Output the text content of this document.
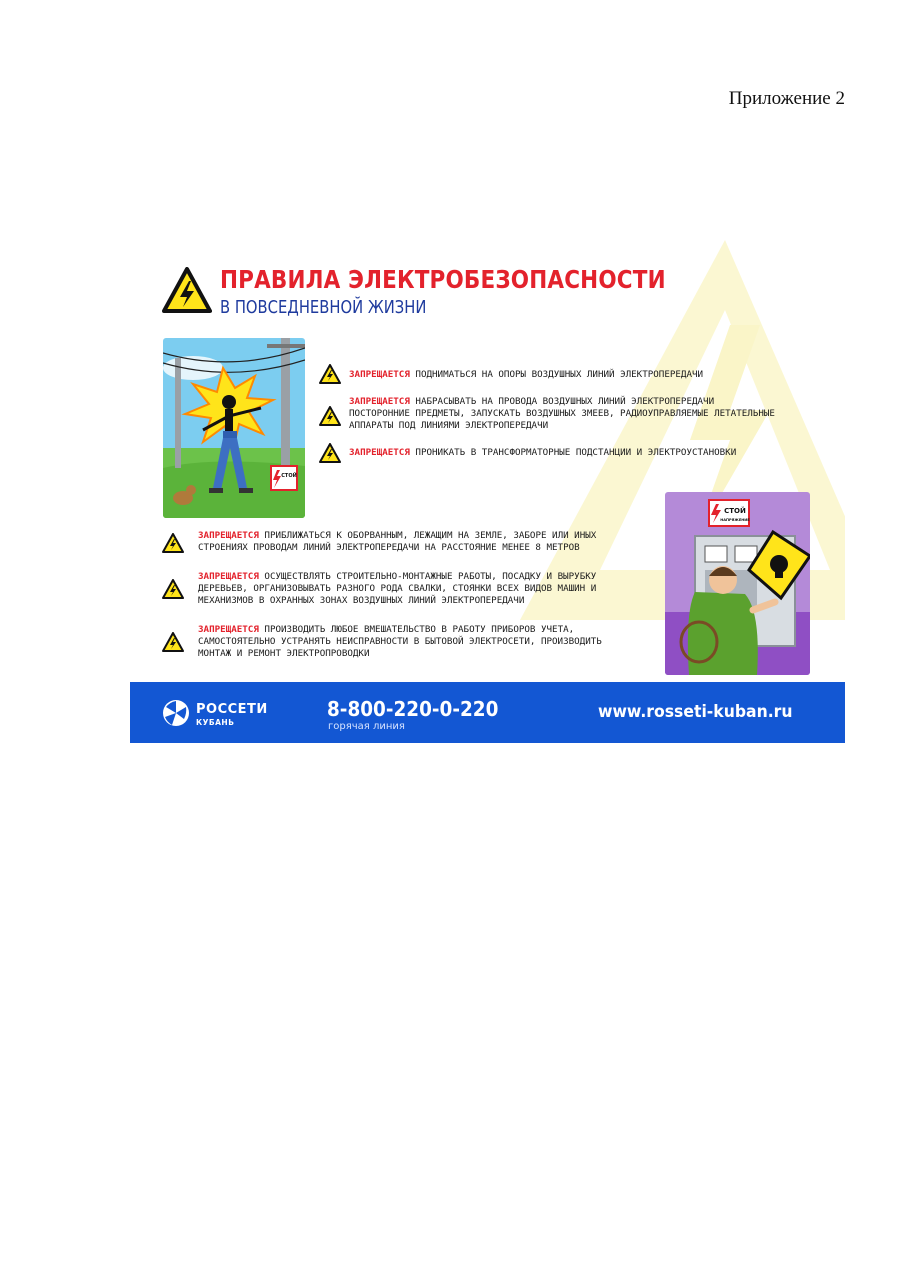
Приложение 2
ПРАВИЛА ЭЛЕКТРОБЕЗОПАСНОСТИ
В ПОВСЕДНЕВНОЙ ЖИЗНИ
СТОЙ
ЗАПРЕЩАЕТСЯ ПОДНИМАТЬСЯ НА ОПОРЫ ВОЗДУШНЫХ ЛИНИЙ ЭЛЕКТРОПЕРЕДАЧИ
ЗАПРЕЩАЕТСЯ НАБРАСЫВАТЬ НА ПРОВОДА ВОЗДУШНЫХ ЛИНИЙ ЭЛЕКТРОПЕРЕДАЧИ
ПОСТОРОННИЕ ПРЕДМЕТЫ, ЗАПУСКАТЬ ВОЗДУШНЫХ ЗМЕЕВ, РАДИОУПРАВЛЯЕМЫЕ ЛЕТАТЕЛЬНЫЕ
АППАРАТЫ ПОД ЛИНИЯМИ ЭЛЕКТРОПЕРЕДАЧИ
ЗАПРЕЩАЕТСЯ ПРОНИКАТЬ В ТРАНСФОРМАТОРНЫЕ ПОДСТАНЦИИ И ЭЛЕКТРОУСТАНОВКИ
СТОЙ
НАПРЯЖЕНИЕ
ЗАПРЕЩАЕТСЯ ПРИБЛИЖАТЬСЯ К ОБОРВАННЫМ, ЛЕЖАЩИМ НА ЗЕМЛЕ, ЗАБОРЕ ИЛИ ИНЫХ
СТРОЕНИЯХ ПРОВОДАМ ЛИНИЙ ЭЛЕКТРОПЕРЕДАЧИ НА РАССТОЯНИЕ МЕНЕЕ 8 МЕТРОВ
ЗАПРЕЩАЕТСЯ ОСУЩЕСТВЛЯТЬ СТРОИТЕЛЬНО-МОНТАЖНЫЕ РАБОТЫ, ПОСАДКУ И ВЫРУБКУ
ДЕРЕВЬЕВ, ОРГАНИЗОВЫВАТЬ РАЗНОГО РОДА СВАЛКИ, СТОЯНКИ ВСЕХ ВИДОВ МАШИН И
МЕХАНИЗМОВ В ОХРАННЫХ ЗОНАХ ВОЗДУШНЫХ ЛИНИЙ ЭЛЕКТРОПЕРЕДАЧИ
ЗАПРЕЩАЕТСЯ ПРОИЗВОДИТЬ ЛЮБОЕ ВМЕШАТЕЛЬСТВО В РАБОТУ ПРИБОРОВ УЧЕТА,
САМОСТОЯТЕЛЬНО УСТРАНЯТЬ НЕИСПРАВНОСТИ В БЫТОВОЙ ЭЛЕКТРОСЕТИ, ПРОИЗВОДИТЬ
МОНТАЖ И РЕМОНТ ЭЛЕКТРОПРОВОДКИ
РОССЕТИ
КУБАНЬ
8-800-220-0-220
горячая линия
www.rosseti-kuban.ru
